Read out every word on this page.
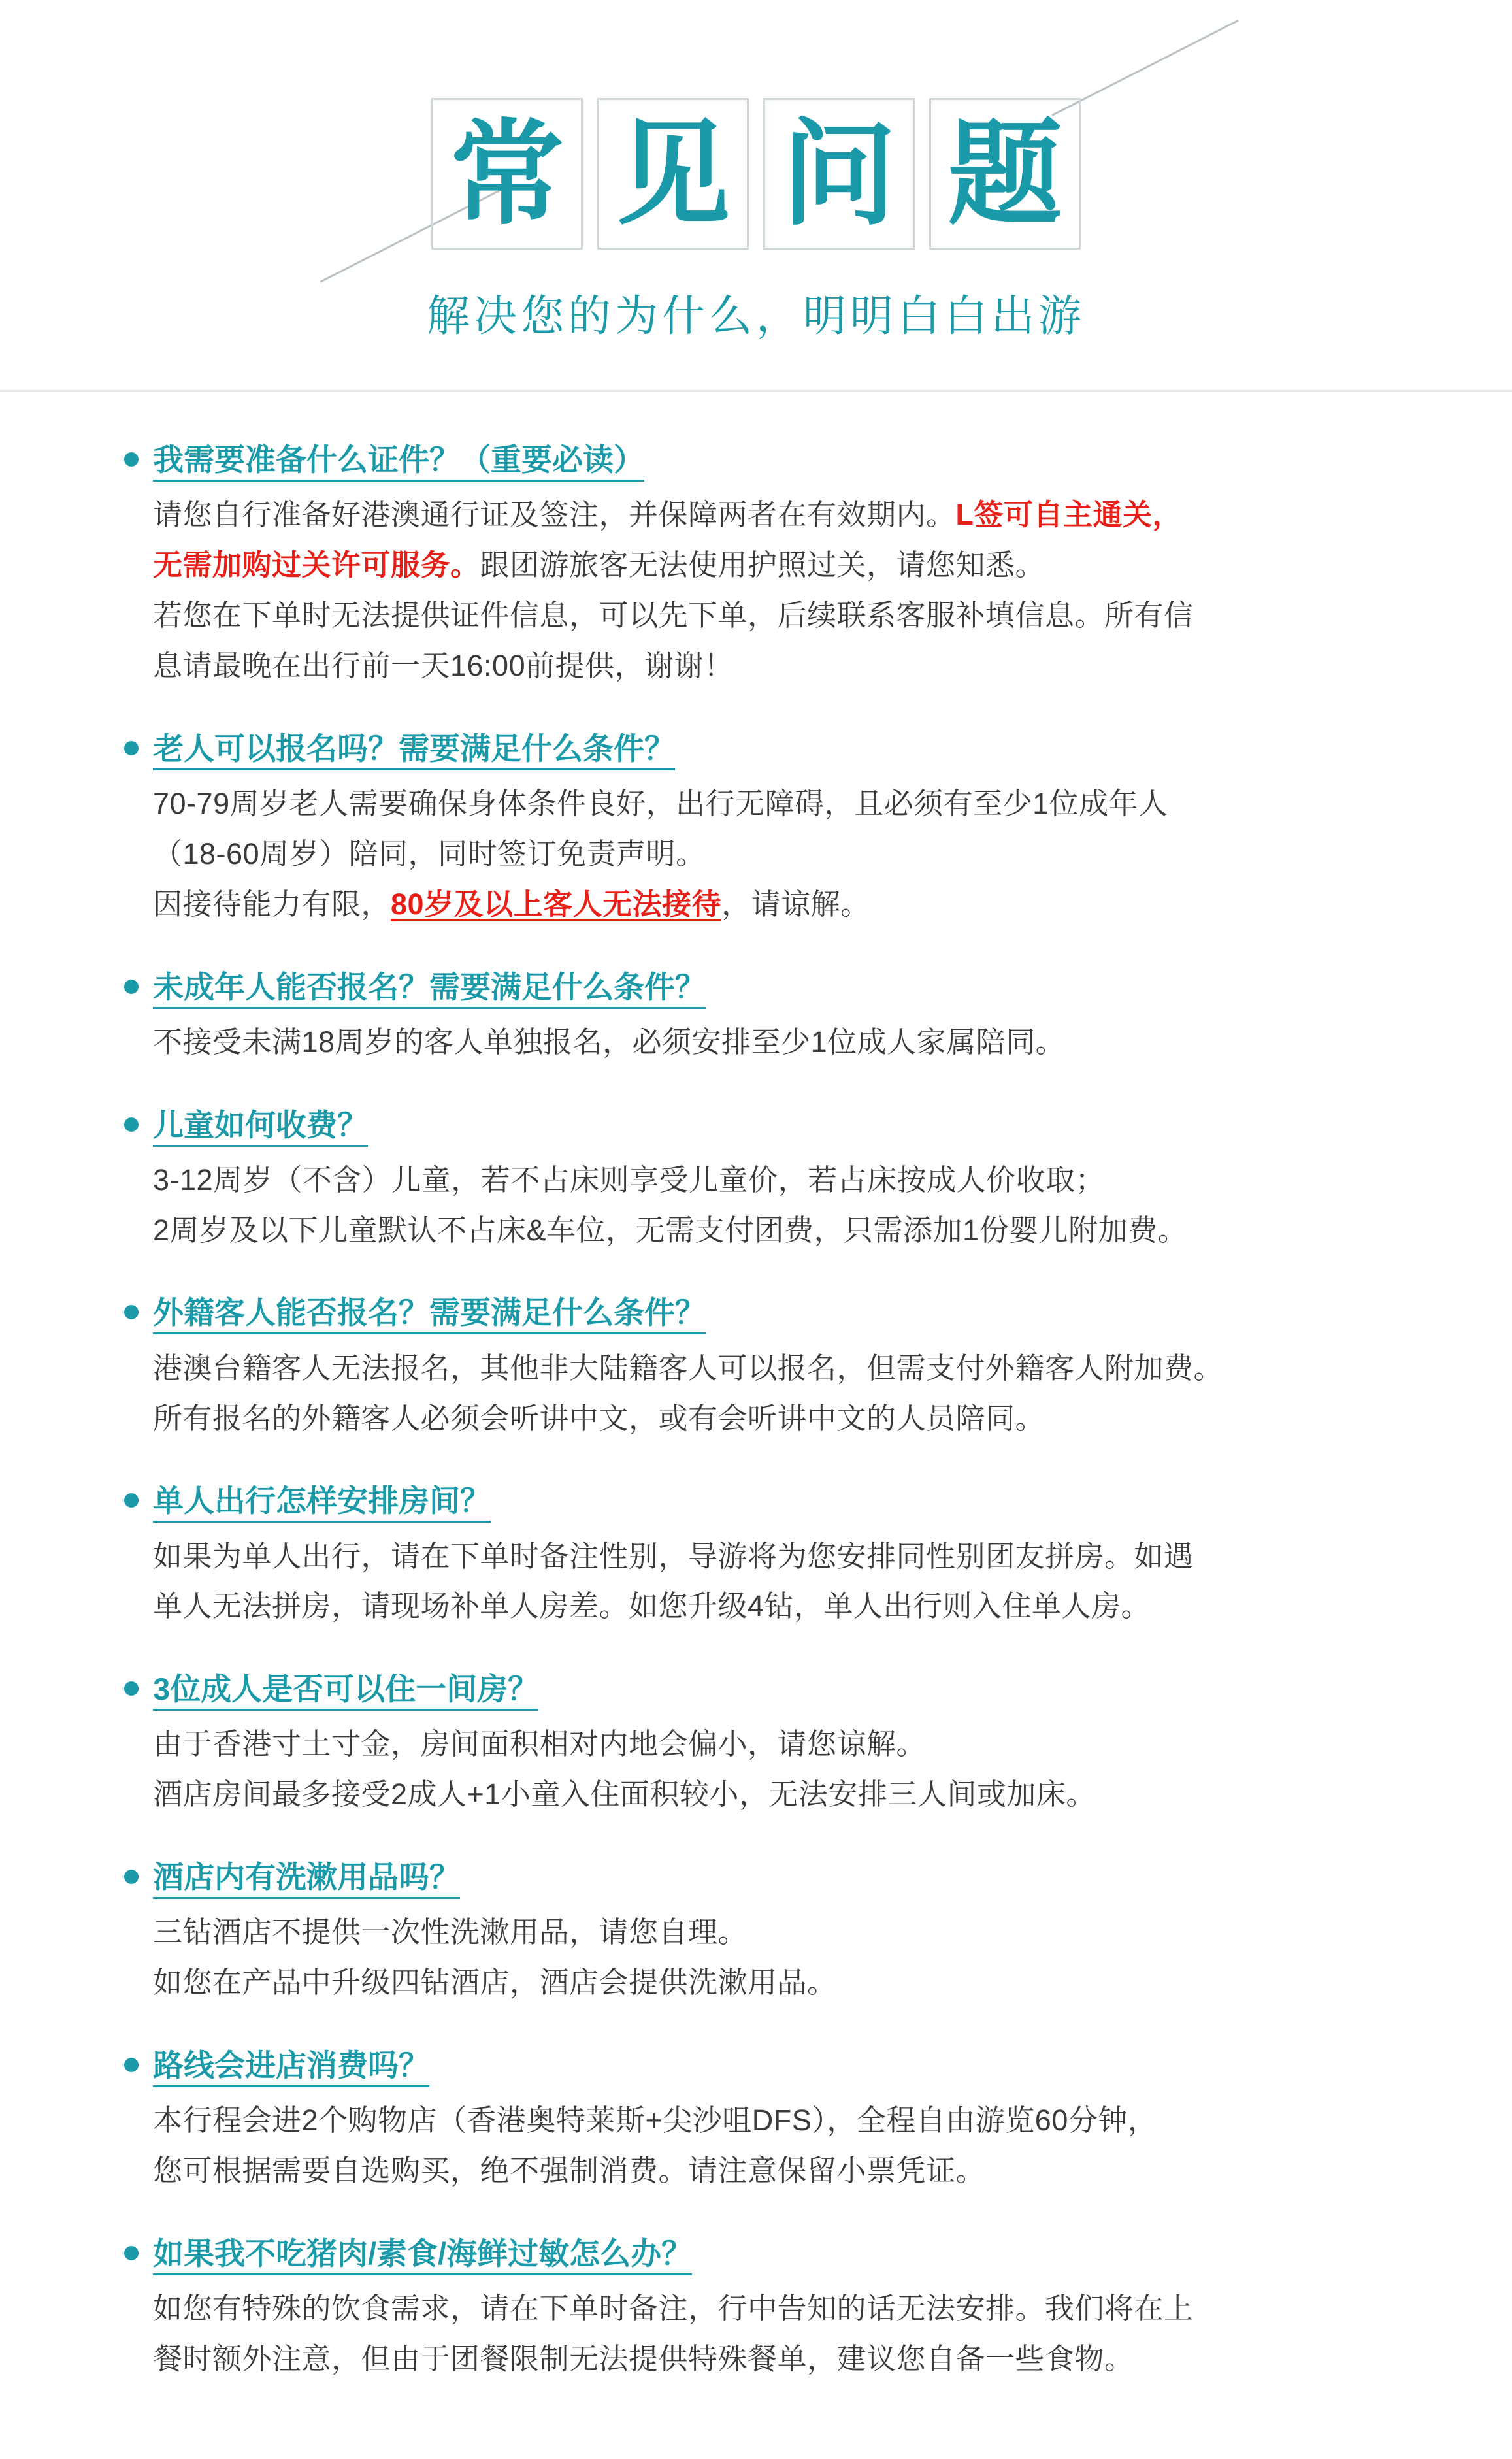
常 见 问 题
解决您的为什么，明明白白出游
我需要准备什么证件？（重要必读）

请您自行准备好港澳通行证及签注，并保障两者在有效期内。L签可自主通关，

无需加购过关许可服务。跟团游旅客无法使用护照过关，请您知悉。

若您在下单时无法提供证件信息，可以先下单，后续联系客服补填信息。所有信

息请最晚在出行前一天16:00前提供，谢谢！

老人可以报名吗？需要满足什么条件？

70-79周岁老人需要确保身体条件良好，出行无障碍，且必须有至少1位成年人

（18-60周岁）陪同，同时签订免责声明。

因接待能力有限，80岁及以上客人无法接待，请谅解。

未成年人能否报名？需要满足什么条件？

不接受未满18周岁的客人单独报名，必须安排至少1位成人家属陪同。

儿童如何收费？

3-12周岁（不含）儿童，若不占床则享受儿童价，若占床按成人价收取；

2周岁及以下儿童默认不占床&车位，无需支付团费，只需添加1份婴儿附加费。

外籍客人能否报名？需要满足什么条件？

港澳台籍客人无法报名，其他非大陆籍客人可以报名，但需支付外籍客人附加费。

所有报名的外籍客人必须会听讲中文，或有会听讲中文的人员陪同。

单人出行怎样安排房间？

如果为单人出行，请在下单时备注性别，导游将为您安排同性别团友拼房。如遇

单人无法拼房，请现场补单人房差。如您升级4钻，单人出行则入住单人房。

3位成人是否可以住一间房？

由于香港寸土寸金，房间面积相对内地会偏小，请您谅解。

酒店房间最多接受2成人+1小童入住面积较小，无法安排三人间或加床。

酒店内有洗漱用品吗？

三钻酒店不提供一次性洗漱用品，请您自理。

如您在产品中升级四钻酒店，酒店会提供洗漱用品。

路线会进店消费吗？

本行程会进2个购物店（香港奥特莱斯+尖沙咀DFS），全程自由游览60分钟，

您可根据需要自选购买，绝不强制消费。请注意保留小票凭证。

如果我不吃猪肉/素食/海鲜过敏怎么办？

如您有特殊的饮食需求，请在下单时备注，行中告知的话无法安排。我们将在上

餐时额外注意，但由于团餐限制无法提供特殊餐单，建议您自备一些食物。
